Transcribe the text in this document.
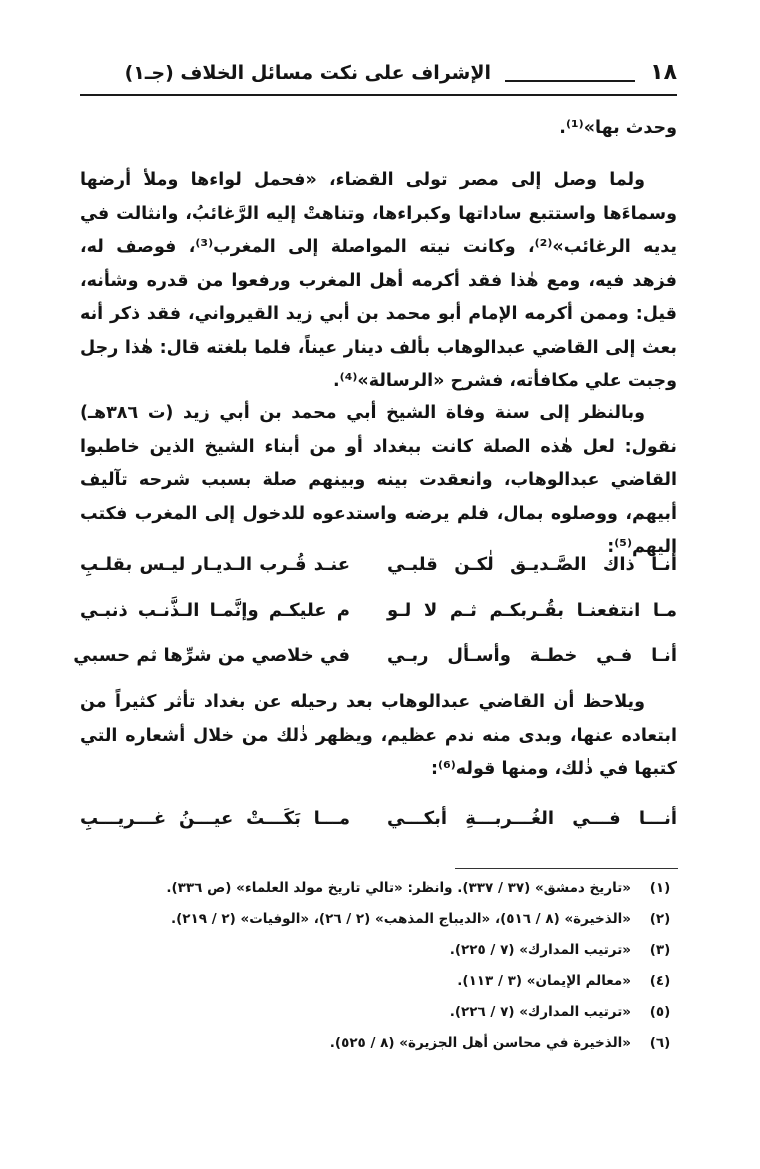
١٨
الإشراف على نكت مسائل الخلاف (جـ١)
وحدث بها»⁽¹⁾.
ولما وصل إلى مصر تولى القضاء، «فحمل لواءها وملأ أرضها وسماءَها واستتبع ساداتها وكبراءها، وتناهتْ إليه الرَّغائبُ، وانثالت في يديه الرغائب»⁽²⁾، وكانت نيته المواصلة إلى المغرب⁽³⁾، فوصف له، فزهد فيه، ومع هٰذا فقد أكرمه أهل المغرب ورفعوا من قدره وشأنه، قيل: وممن أكرمه الإمام أبو محمد بن أبي زيد القيرواني، فقد ذكر أنه بعث إلى القاضي عبدالوهاب بألف دينار عيناً، فلما بلغته قال: هٰذا رجل وجبت علي مكافأته، فشرح «الرسالة»⁽⁴⁾.
وبالنظر إلى سنة وفاة الشيخ أبي محمد بن أبي زيد (ت ٣٨٦هـ) نقول: لعل هٰذه الصلة كانت ببغداد أو من أبناء الشيخ الذين خاطبوا القاضي عبدالوهاب، وانعقدت بينه وبينهم صلة بسبب شرحه تآليف أبيهم، ووصلوه بمال، فلم يرضه واستدعوه للدخول إلى المغرب فكتب إليهم⁽⁵⁾:
أنـا ذاك الصَّـديـق لٰكـن قلبـي
عنـد قُـرب الـديـار ليـس بقلـبِ
مـا انتفعنـا بقُـربكـم ثـم لا لـو
م عليكـم وإنَّمـا الـذَّنـب ذنبـي
أنـا فـي خطـة وأسـأل ربـي
في خلاصي من شرِّها ثم حسبي
ويلاحظ أن القاضي عبدالوهاب بعد رحيله عن بغداد تأثر كثيراً من ابتعاده عنها، وبدى منه ندم عظيم، ويظهر ذٰلك من خلال أشعاره التي كتبها في ذٰلك، ومنها قوله⁽⁶⁾:
أنـــا فـــي الغُـــربـــةِ أبكـــي
مـــا بَكَـــتْ عيـــنُ غـــريـــبِ
(١)
«تاريخ دمشق» (٣٧ / ٣٣٧). وانظر: «تالي تاريخ مولد العلماء» (ص ٣٣٦).
(٢)
«الذخيرة» (٨ / ٥١٦)، «الديباج المذهب» (٢ / ٢٦)، «الوفيات» (٢ / ٢١٩).
(٣)
«ترتيب المدارك» (٧ / ٢٢٥).
(٤)
«معالم الإيمان» (٣ / ١١٣).
(٥)
«ترتيب المدارك» (٧ / ٢٢٦).
(٦)
«الذخيرة في محاسن أهل الجزيرة» (٨ / ٥٢٥).
